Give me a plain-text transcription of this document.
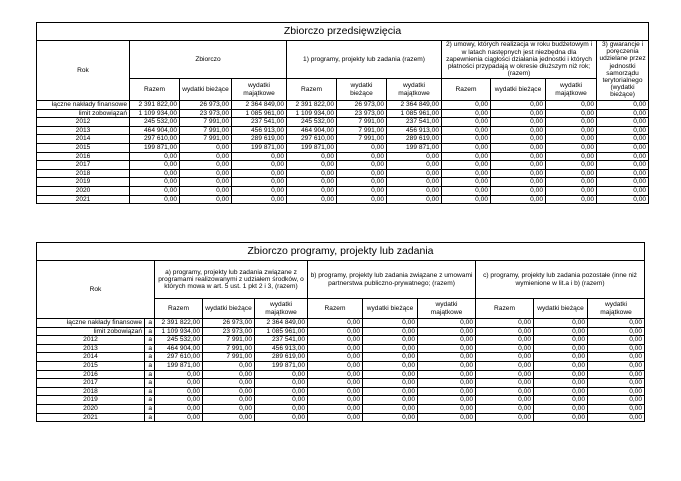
Zbiorczo przedsięwzięcia										
Rok	Zbiorczo			1) programy, projekty lub zadania (razem)			2) umowy, których realizacja w roku budżetowym i w latach następnych jest niezbędna dla zapewnienia ciągłości działania jednostki i których płatności przypadają w okresie dłuższym niż rok; (razem)			3) gwarancje i poręczenia udzielane przez jednostki samorządu terytorialnego (wydatki bieżące)
	Razem	wydatki bieżące	wydatki majątkowe	Razem	wydatki bieżące	wydatki majątkowe	Razem	wydatki bieżące	wydatki majątkowe	
łączne nakłady finansowe	2 391 822,00	26 973,00	2 364 849,00	2 391 822,00	26 973,00	2 364 849,00	0,00	0,00	0,00	0,00
limit zobowiązań	1 109 934,00	23 973,00	1 085 961,00	1 109 934,00	23 973,00	1 085 961,00	0,00	0,00	0,00	0,00
2012	245 532,00	7 991,00	237 541,00	245 532,00	7 991,00	237 541,00	0,00	0,00	0,00	0,00
2013	464 904,00	7 991,00	456 913,00	464 904,00	7 991,00	456 913,00	0,00	0,00	0,00	0,00
2014	297 610,00	7 991,00	289 619,00	297 610,00	7 991,00	289 619,00	0,00	0,00	0,00	0,00
2015	199 871,00	0,00	199 871,00	199 871,00	0,00	199 871,00	0,00	0,00	0,00	0,00
2016	0,00	0,00	0,00	0,00	0,00	0,00	0,00	0,00	0,00	0,00
2017	0,00	0,00	0,00	0,00	0,00	0,00	0,00	0,00	0,00	0,00
2018	0,00	0,00	0,00	0,00	0,00	0,00	0,00	0,00	0,00	0,00
2019	0,00	0,00	0,00	0,00	0,00	0,00	0,00	0,00	0,00	0,00
2020	0,00	0,00	0,00	0,00	0,00	0,00	0,00	0,00	0,00	0,00
2021	0,00	0,00	0,00	0,00	0,00	0,00	0,00	0,00	0,00	0,00
Zbiorczo programy, projekty lub zadania										
Rok		a) programy, projekty lub zadania związane z programami realizowanymi z udziałem środków, o których mowa w art. 5 ust. 1 pkt 2 i 3, (razem)			b) programy, projekty lub zadania związane z umowami partnerstwa publiczno-prywatnego; (razem)			c) programy, projekty lub zadania pozostałe (inne niż wymienione w lit.a i b) (razem)		
		Razem	wydatki bieżące	wydatki majątkowe	Razem	wydatki bieżące	wydatki majątkowe	Razem	wydatki bieżące	wydatki majątkowe
łączne nakłady finansowe	a	2 391 822,00	26 973,00	2 364 849,00	0,00	0,00	0,00	0,00	0,00	0,00
limit zobowiązań	a	1 109 934,00	23 973,00	1 085 961,00	0,00	0,00	0,00	0,00	0,00	0,00
2012	a	245 532,00	7 991,00	237 541,00	0,00	0,00	0,00	0,00	0,00	0,00
2013	a	464 904,00	7 991,00	456 913,00	0,00	0,00	0,00	0,00	0,00	0,00
2014	a	297 610,00	7 991,00	289 619,00	0,00	0,00	0,00	0,00	0,00	0,00
2015	a	199 871,00	0,00	199 871,00	0,00	0,00	0,00	0,00	0,00	0,00
2016	a	0,00	0,00	0,00	0,00	0,00	0,00	0,00	0,00	0,00
2017	a	0,00	0,00	0,00	0,00	0,00	0,00	0,00	0,00	0,00
2018	a	0,00	0,00	0,00	0,00	0,00	0,00	0,00	0,00	0,00
2019	a	0,00	0,00	0,00	0,00	0,00	0,00	0,00	0,00	0,00
2020	a	0,00	0,00	0,00	0,00	0,00	0,00	0,00	0,00	0,00
2021	a	0,00	0,00	0,00	0,00	0,00	0,00	0,00	0,00	0,00
